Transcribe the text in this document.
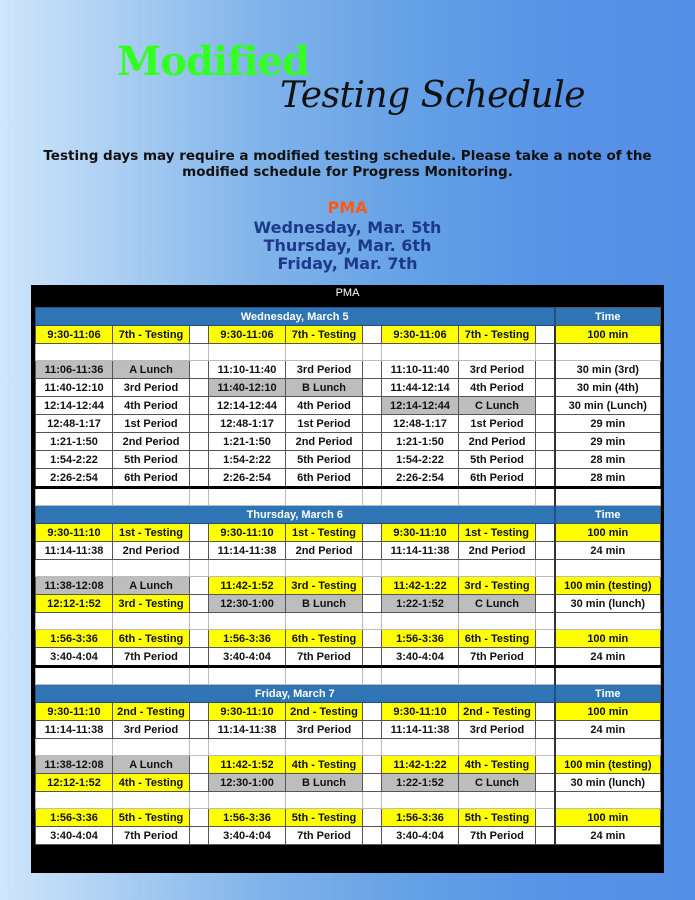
Modified
Testing Schedule
Testing days may require a modified testing schedule. Please take a note of the modified schedule for Progress Monitoring.
PMA
Wednesday, Mar. 5th
Thursday, Mar. 6th
Friday, Mar. 7th
PMA
Wednesday, March 5									Time
9:30-11:06	7th - Testing		9:30-11:06	7th - Testing		9:30-11:06	7th - Testing		100 min

11:06-11:36	A Lunch		11:10-11:40	3rd Period		11:10-11:40	3rd Period		30 min (3rd)
11:40-12:10	3rd Period		11:40-12:10	B Lunch		11:44-12:14	4th Period		30 min (4th)
12:14-12:44	4th Period		12:14-12:44	4th Period		12:14-12:44	C Lunch		30 min (Lunch)
12:48-1:17	1st Period		12:48-1:17	1st Period		12:48-1:17	1st Period		29 min
1:21-1:50	2nd Period		1:21-1:50	2nd Period		1:21-1:50	2nd Period		29 min
1:54-2:22	5th Period		1:54-2:22	5th Period		1:54-2:22	5th Period		28 min
2:26-2:54	6th Period		2:26-2:54	6th Period		2:26-2:54	6th Period		28 min

Thursday, March 6									Time
9:30-11:10	1st - Testing		9:30-11:10	1st - Testing		9:30-11:10	1st - Testing		100 min
11:14-11:38	2nd Period		11:14-11:38	2nd Period		11:14-11:38	2nd Period		24 min

11:38-12:08	A Lunch		11:42-1:52	3rd - Testing		11:42-1:22	3rd - Testing		100 min (testing)
12:12-1:52	3rd - Testing		12:30-1:00	B Lunch		1:22-1:52	C Lunch		30 min (lunch)

1:56-3:36	6th - Testing		1:56-3:36	6th - Testing		1:56-3:36	6th - Testing		100 min
3:40-4:04	7th Period		3:40-4:04	7th Period		3:40-4:04	7th Period		24 min

Friday, March 7									Time
9:30-11:10	2nd - Testing		9:30-11:10	2nd - Testing		9:30-11:10	2nd - Testing		100 min
11:14-11:38	3rd Period		11:14-11:38	3rd Period		11:14-11:38	3rd Period		24 min

11:38-12:08	A Lunch		11:42-1:52	4th - Testing		11:42-1:22	4th - Testing		100 min (testing)
12:12-1:52	4th - Testing		12:30-1:00	B Lunch		1:22-1:52	C Lunch		30 min (lunch)

1:56-3:36	5th - Testing		1:56-3:36	5th - Testing		1:56-3:36	5th - Testing		100 min
3:40-4:04	7th Period		3:40-4:04	7th Period		3:40-4:04	7th Period		24 min
